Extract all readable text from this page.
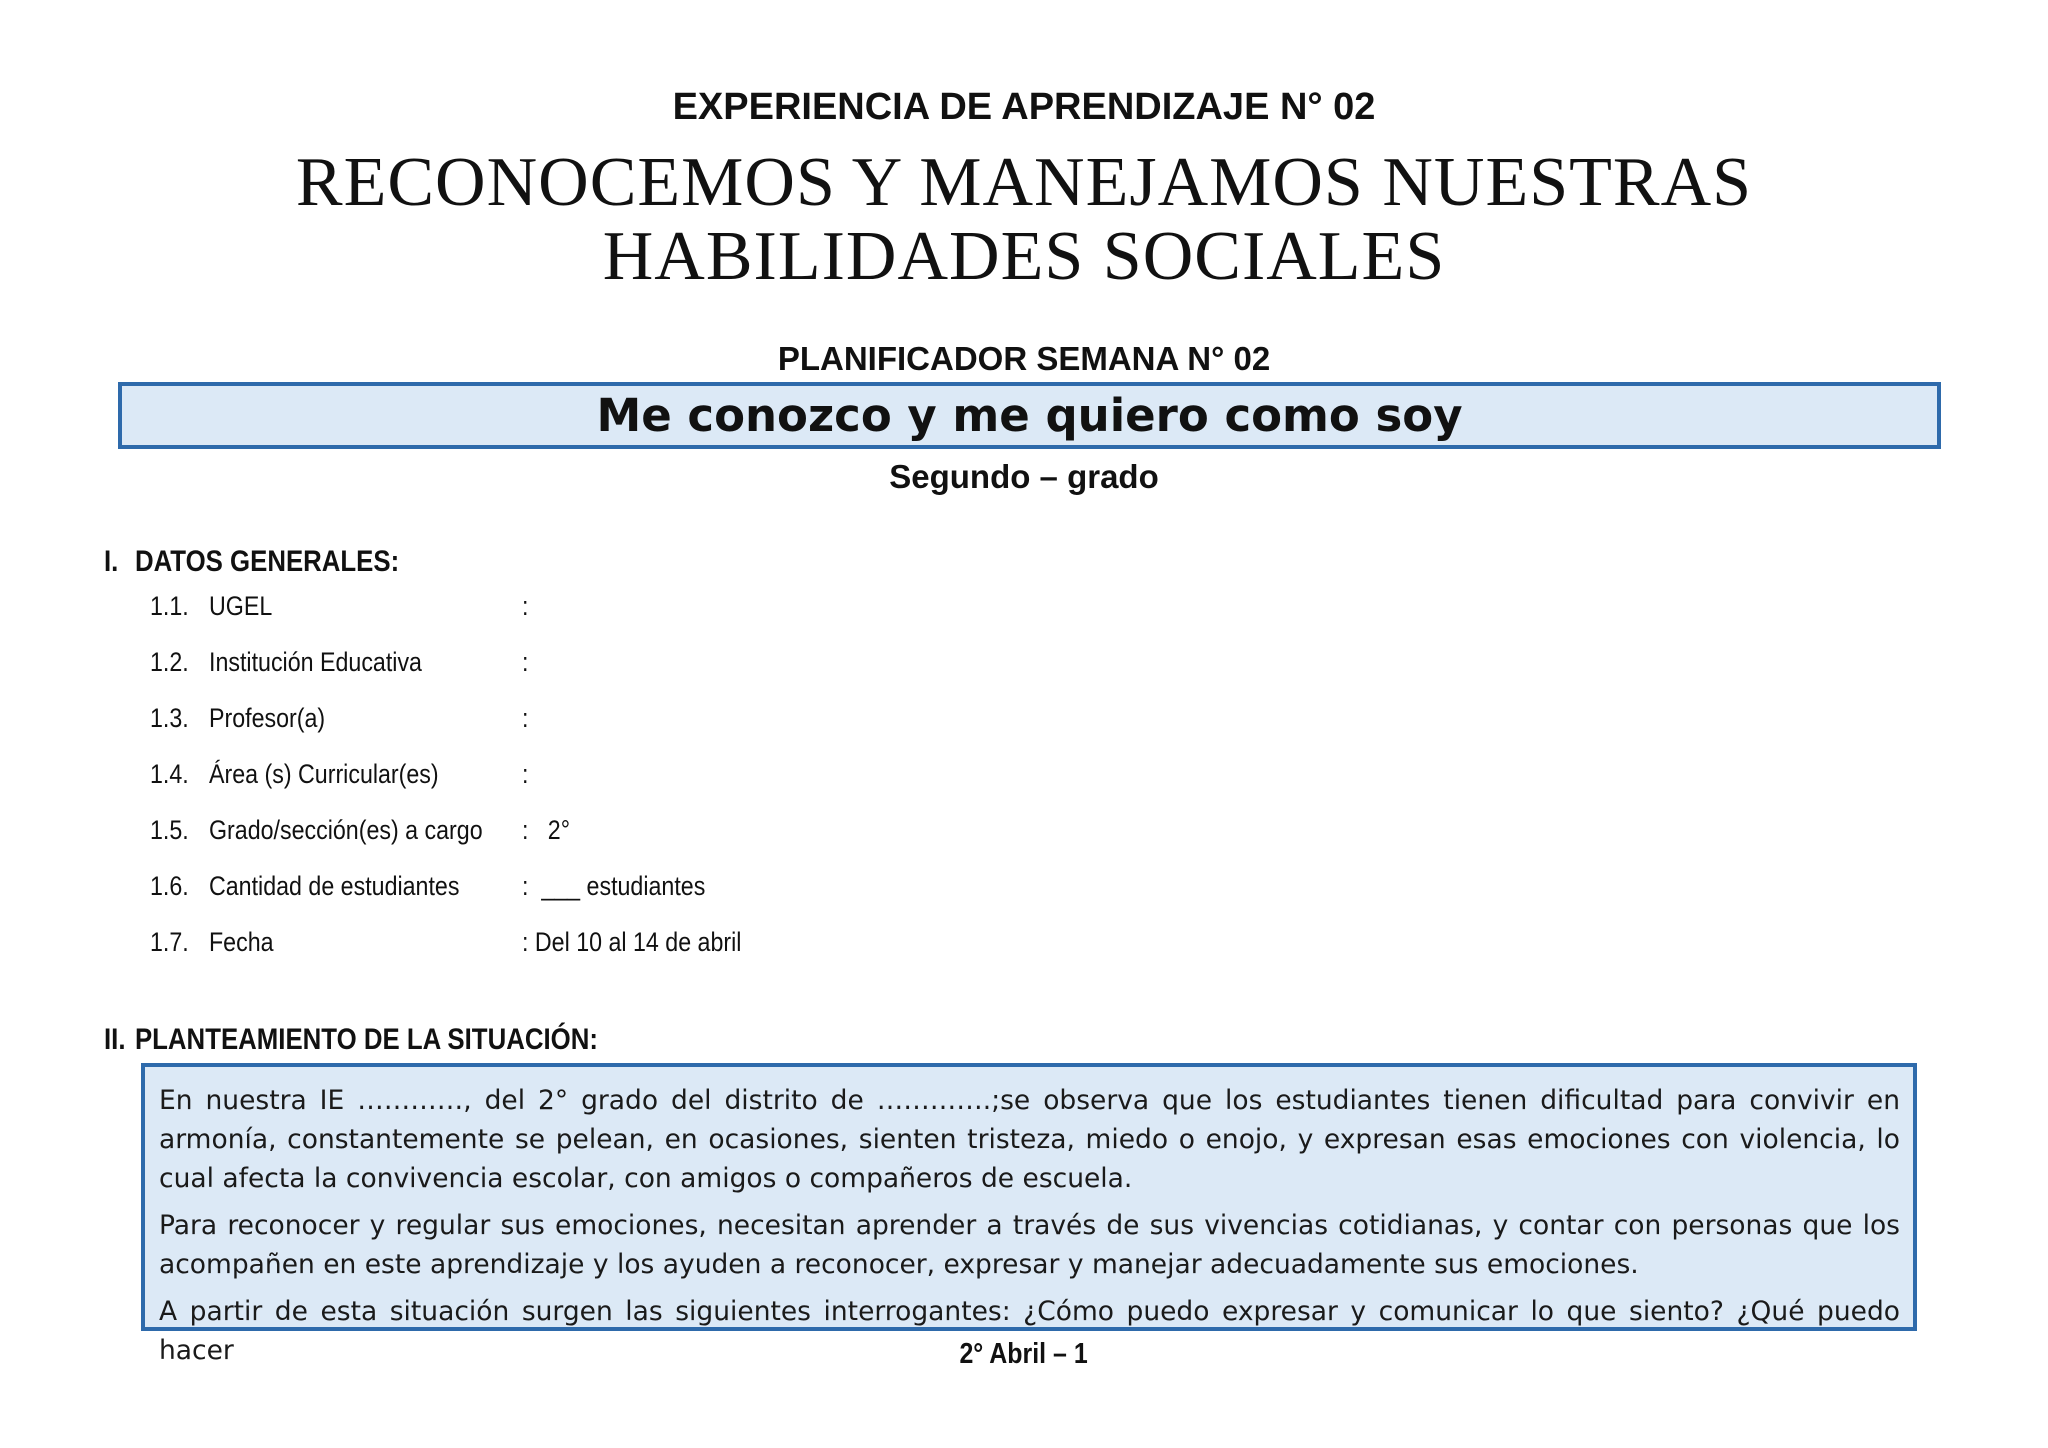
EXPERIENCIA DE APRENDIZAJE N° 02
RECONOCEMOS Y MANEJAMOS NUESTRAS
HABILIDADES SOCIALES
PLANIFICADOR SEMANA N° 02
Me conozco y me quiero como soy
Segundo – grado
I. DATOS GENERALES:
1.1. UGEL	:
1.2. Institución Educativa	:
1.3. Profesor(a)	:
1.4. Área (s) Curricular(es)	:
1.5. Grado/sección(es) a cargo :   2°
1.6. Cantidad de estudiantes :  ___ estudiantes
1.7. Fecha	: Del 10 al 14 de abril
II. PLANTEAMIENTO DE LA SITUACIÓN:

En nuestra IE …………, del 2° grado del distrito de ………….;se observa que los estudiantes tienen dificultad para convivir en armonía, constantemente se pelean, en ocasiones, sienten tristeza, miedo o enojo, y expresan esas emociones con violencia, lo cual afecta la convivencia escolar, con amigos o compañeros de escuela.

Para reconocer y regular sus emociones, necesitan aprender a través de sus vivencias cotidianas, y contar con personas que los acompañen en este aprendizaje y los ayuden a reconocer, expresar y manejar adecuadamente sus emociones.

A partir de esta situación surgen las siguientes interrogantes: ¿Cómo puedo expresar y comunicar lo que siento? ¿Qué puedo hacer	2° Abril – 1
